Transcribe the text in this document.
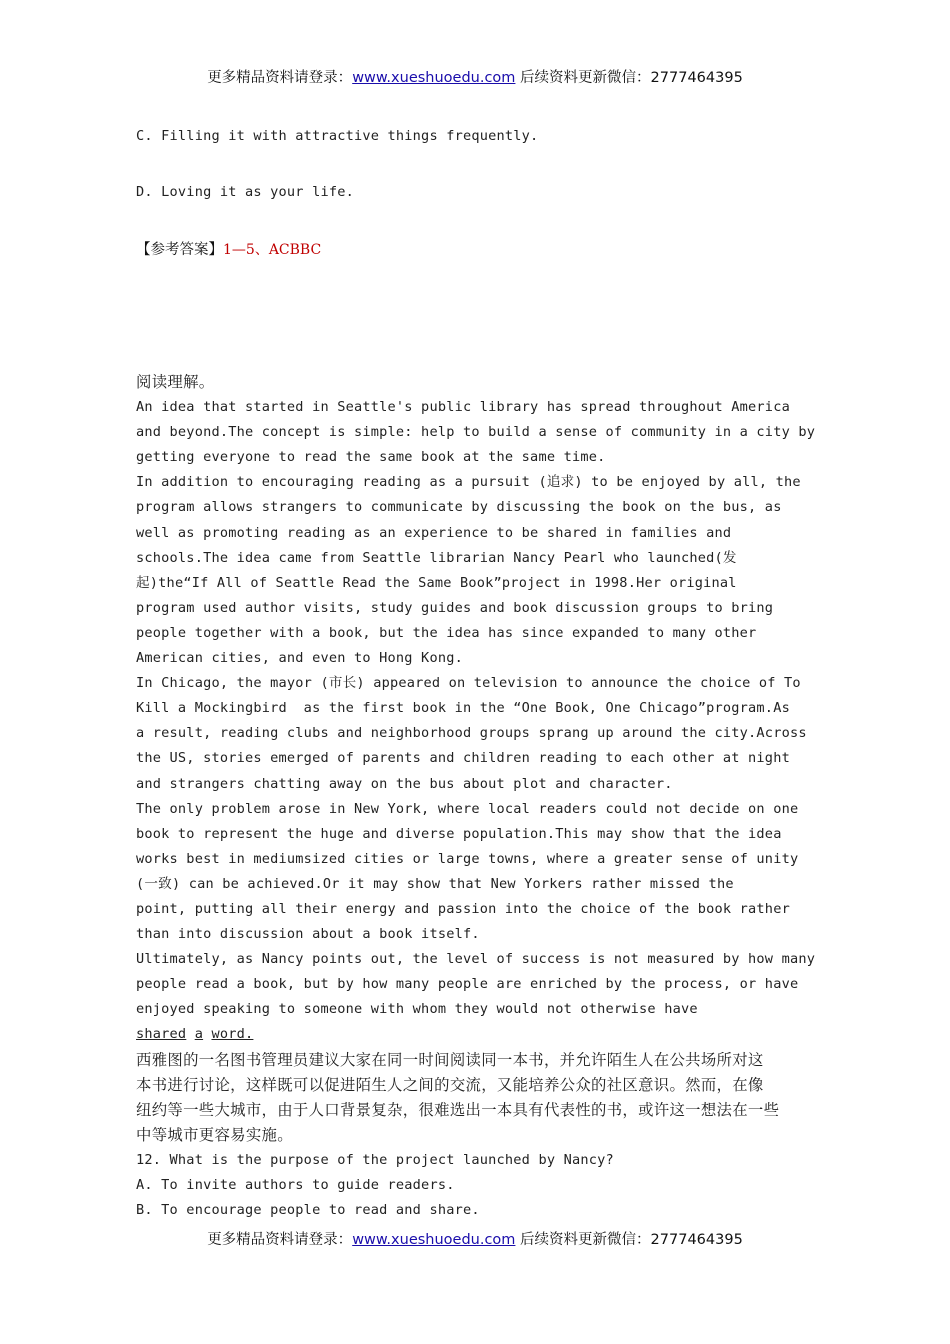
更多精品资料请登录：www.xueshuoedu.com 后续资料更新微信：2777464395
C. Filling it with attractive things frequently.
D. Loving it as your life.
【参考答案】1—5、ACBBC
阅读理解。
An idea that started in Seattle's public library has spread throughout America
and beyond.The concept is simple: help to build a sense of community in a city by
getting everyone to read the same book at the same time.
In addition to encouraging reading as a pursuit (追求) to be enjoyed by all, the
program allows strangers to communicate by discussing the book on the bus, as
well as promoting reading as an experience to be shared in families and
schools.The idea came from Seattle librarian Nancy Pearl who launched(发
起)the“If All of Seattle Read the Same Book”project in 1998.Her original
program used author visits, study guides and book discussion groups to bring
people together with a book, but the idea has since expanded to many other
American cities, and even to Hong Kong.
In Chicago, the mayor (市长) appeared on television to announce the choice of To
Kill a Mockingbird  as the first book in the “One Book, One Chicago”program.As
a result, reading clubs and neighborhood groups sprang up around the city.Across
the US, stories emerged of parents and children reading to each other at night
and strangers chatting away on the bus about plot and character.
The only problem arose in New York, where local readers could not decide on one
book to represent the huge and diverse population.This may show that the idea
works best in mediumsized cities or large towns, where a greater sense of unity
(一致) can be achieved.Or it may show that New Yorkers rather missed the
point, putting all their energy and passion into the choice of the book rather
than into discussion about a book itself.
Ultimately, as Nancy points out, the level of success is not measured by how many
people read a book, but by how many people are enriched by the process, or have
enjoyed speaking to someone with whom they would not otherwise have
shared a word.
西雅图的一名图书管理员建议大家在同一时间阅读同一本书，并允许陌生人在公共场所对这
本书进行讨论，这样既可以促进陌生人之间的交流，又能培养公众的社区意识。然而，在像
纽约等一些大城市，由于人口背景复杂，很难选出一本具有代表性的书，或许这一想法在一些
中等城市更容易实施。
12. What is the purpose of the project launched by Nancy?
A. To invite authors to guide readers.
B. To encourage people to read and share.
更多精品资料请登录：www.xueshuoedu.com 后续资料更新微信：2777464395
